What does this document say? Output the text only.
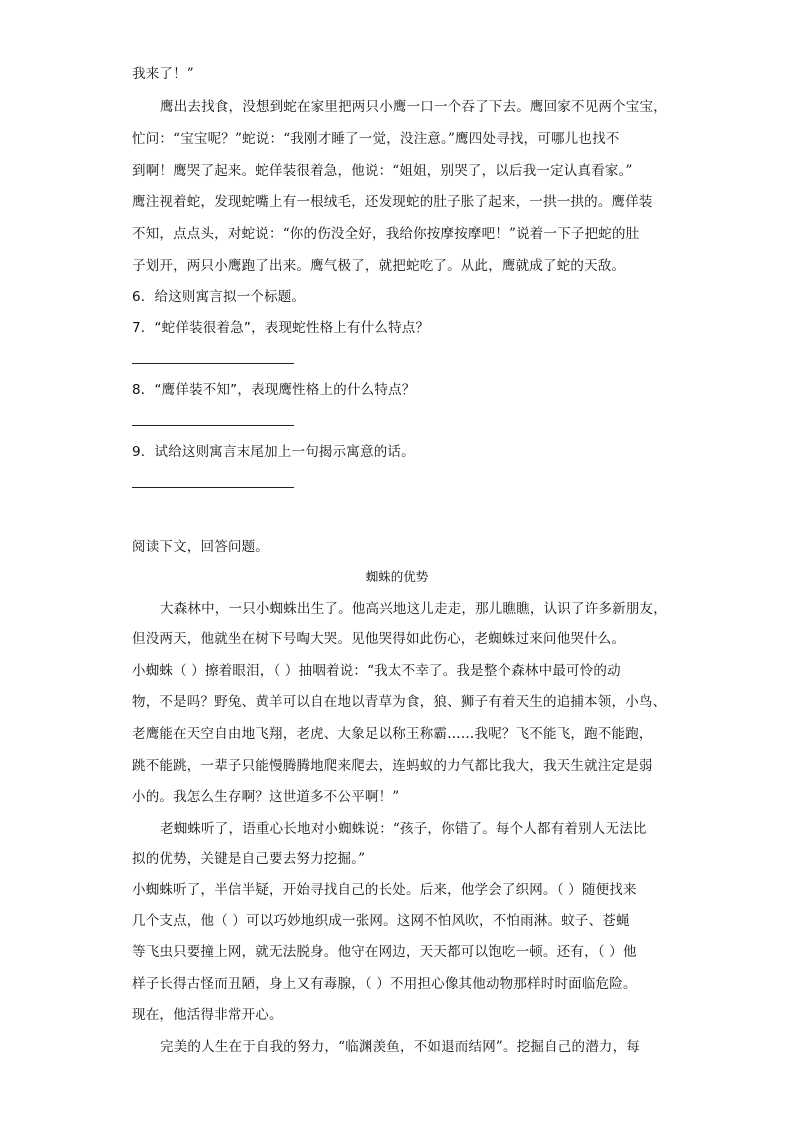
我来了！”
鹰出去找食，没想到蛇在家里把两只小鹰一口一个吞了下去。鹰回家不见两个宝宝，
忙问：“宝宝呢？”蛇说：“我刚才睡了一觉，没注意。”鹰四处寻找，可哪儿也找不
到啊！鹰哭了起来。蛇佯装很着急，他说：“姐姐，别哭了，以后我一定认真看家。”
鹰注视着蛇，发现蛇嘴上有一根绒毛，还发现蛇的肚子胀了起来，一拱一拱的。鹰佯装
不知，点点头，对蛇说：“你的伤没全好，我给你按摩按摩吧！”说着一下子把蛇的肚
子划开，两只小鹰跑了出来。鹰气极了，就把蛇吃了。从此，鹰就成了蛇的天敌。
6．给这则寓言拟一个标题。
7．“蛇佯装很着急”，表现蛇性格上有什么特点？
8．“鹰佯装不知”，表现鹰性格上的什么特点？
9．试给这则寓言末尾加上一句揭示寓意的话。
阅读下文，回答问题。
蜘蛛的优势
大森林中，一只小蜘蛛出生了。他高兴地这儿走走，那儿瞧瞧，认识了许多新朋友，
但没两天，他就坐在树下号啕大哭。见他哭得如此伤心，老蜘蛛过来问他哭什么。
小蜘蛛（ ）擦着眼泪，（ ）抽咽着说：“我太不幸了。我是整个森林中最可怜的动
物，不是吗？野兔、黄羊可以自在地以青草为食，狼、狮子有着天生的追捕本领，小鸟、
老鹰能在天空自由地飞翔，老虎、大象足以称王称霸……我呢？飞不能飞，跑不能跑，
跳不能跳，一辈子只能慢腾腾地爬来爬去，连蚂蚁的力气都比我大，我天生就注定是弱
小的。我怎么生存啊？这世道多不公平啊！”
老蜘蛛听了，语重心长地对小蜘蛛说：“孩子，你错了。每个人都有着别人无法比
拟的优势，关键是自己要去努力挖掘。”
小蜘蛛听了，半信半疑，开始寻找自己的长处。后来，他学会了织网。（ ）随便找来
几个支点，他（ ）可以巧妙地织成一张网。这网不怕风吹，不怕雨淋。蚊子、苍蝇
等飞虫只要撞上网，就无法脱身。他守在网边，天天都可以饱吃一顿。还有，（ ）他
样子长得古怪而丑陋，身上又有毒腺，（ ）不用担心像其他动物那样时时面临危险。
现在，他活得非常开心。
完美的人生在于自我的努力，“临渊羡鱼，不如退而结网”。挖掘自己的潜力，每
